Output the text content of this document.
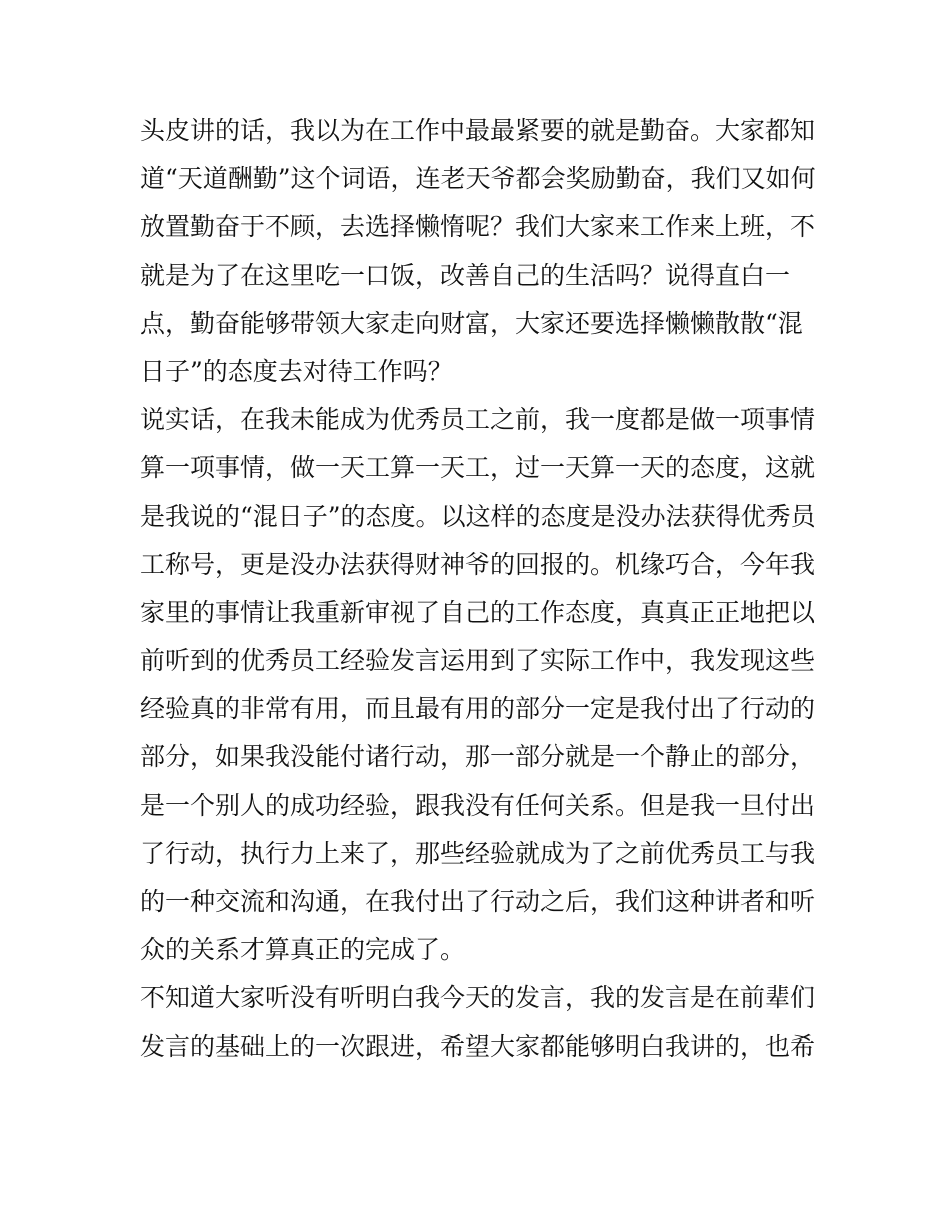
头皮讲的话，我以为在工作中最最紧要的就是勤奋。大家都知
道“天道酬勤”这个词语，连老天爷都会奖励勤奋，我们又如何
放置勤奋于不顾，去选择懒惰呢？我们大家来工作来上班，不
就是为了在这里吃一口饭，改善自己的生活吗？说得直白一
点，勤奋能够带领大家走向财富，大家还要选择懒懒散散“混
日子”的态度去对待工作吗？
说实话，在我未能成为优秀员工之前，我一度都是做一项事情
算一项事情，做一天工算一天工，过一天算一天的态度，这就
是我说的“混日子”的态度。以这样的态度是没办法获得优秀员
工称号，更是没办法获得财神爷的回报的。机缘巧合，今年我
家里的事情让我重新审视了自己的工作态度，真真正正地把以
前听到的优秀员工经验发言运用到了实际工作中，我发现这些
经验真的非常有用，而且最有用的部分一定是我付出了行动的
部分，如果我没能付诸行动，那一部分就是一个静止的部分，
是一个别人的成功经验，跟我没有任何关系。但是我一旦付出
了行动，执行力上来了，那些经验就成为了之前优秀员工与我
的一种交流和沟通，在我付出了行动之后，我们这种讲者和听
众的关系才算真正的完成了。
不知道大家听没有听明白我今天的发言，我的发言是在前辈们
发言的基础上的一次跟进，希望大家都能够明白我讲的，也希
